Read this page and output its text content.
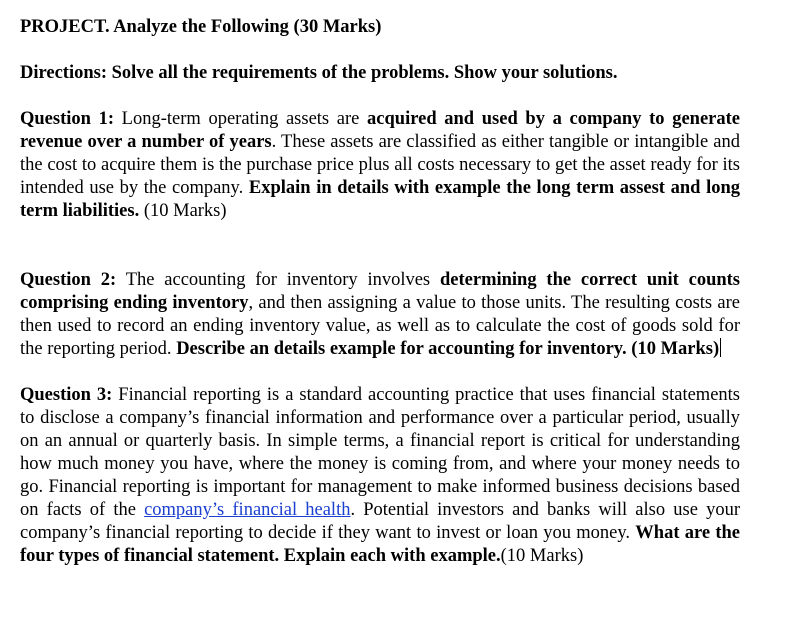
PROJECT. Analyze the Following (30 Marks)

Directions: Solve all the requirements of the problems. Show your solutions.

Question 1: Long-term operating assets are acquired and used by a company to generate revenue over a number of years. These assets are classified as either tangible or intangible and the cost to acquire them is the purchase price plus all costs necessary to get the asset ready for its intended use by the company. Explain in details with example the long term assest and long term liabilities. (10 Marks)

Question 2: The accounting for inventory involves determining the correct unit counts comprising ending inventory, and then assigning a value to those units. The resulting costs are then used to record an ending inventory value, as well as to calculate the cost of goods sold for the reporting period. Describe an details example for accounting for inventory. (10 Marks)

Question 3: Financial reporting is a standard accounting practice that uses financial statements to disclose a company’s financial information and performance over a particular period, usually on an annual or quarterly basis. In simple terms, a financial report is critical for understanding how much money you have, where the money is coming from, and where your money needs to go. Financial reporting is important for management to make informed business decisions based on facts of the company’s financial health. Potential investors and banks will also use your company’s financial reporting to decide if they want to invest or loan you money. What are the four types of financial statement. Explain each with example.(10 Marks)
